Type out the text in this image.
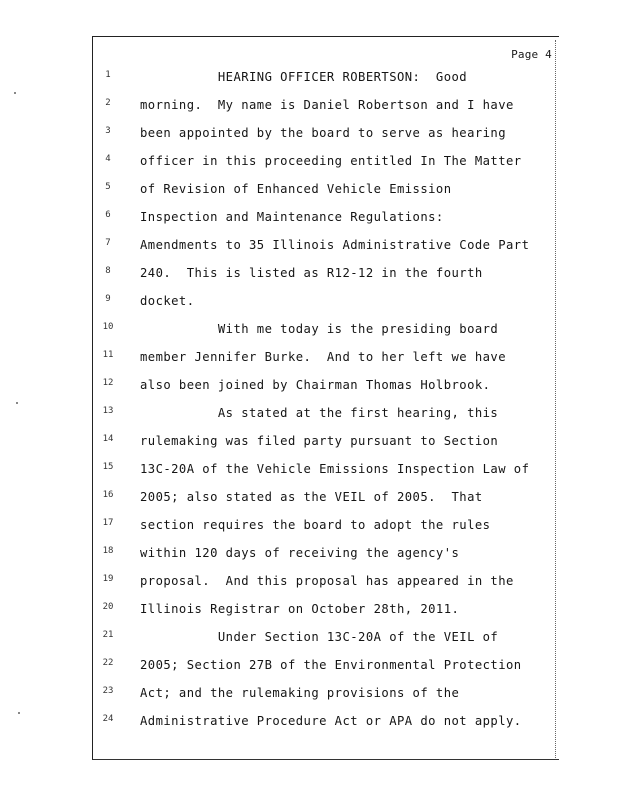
Page 4
1	HEARING OFFICER ROBERTSON:  Good
2	morning.  My name is Daniel Robertson and I have
3	been appointed by the board to serve as hearing
4	officer in this proceeding entitled In The Matter
5	of Revision of Enhanced Vehicle Emission
6	Inspection and Maintenance Regulations:
7	Amendments to 35 Illinois Administrative Code Part
8	240.  This is listed as R12-12 in the fourth
9	docket.
10	With me today is the presiding board
11	member Jennifer Burke.  And to her left we have
12	also been joined by Chairman Thomas Holbrook.
13	As stated at the first hearing, this
14	rulemaking was filed party pursuant to Section
15	13C-20A of the Vehicle Emissions Inspection Law of
16	2005; also stated as the VEIL of 2005.  That
17	section requires the board to adopt the rules
18	within 120 days of receiving the agency's
19	proposal.  And this proposal has appeared in the
20	Illinois Registrar on October 28th, 2011.
21	Under Section 13C-20A of the VEIL of
22	2005; Section 27B of the Environmental Protection
23	Act; and the rulemaking provisions of the
24	Administrative Procedure Act or APA do not apply.
